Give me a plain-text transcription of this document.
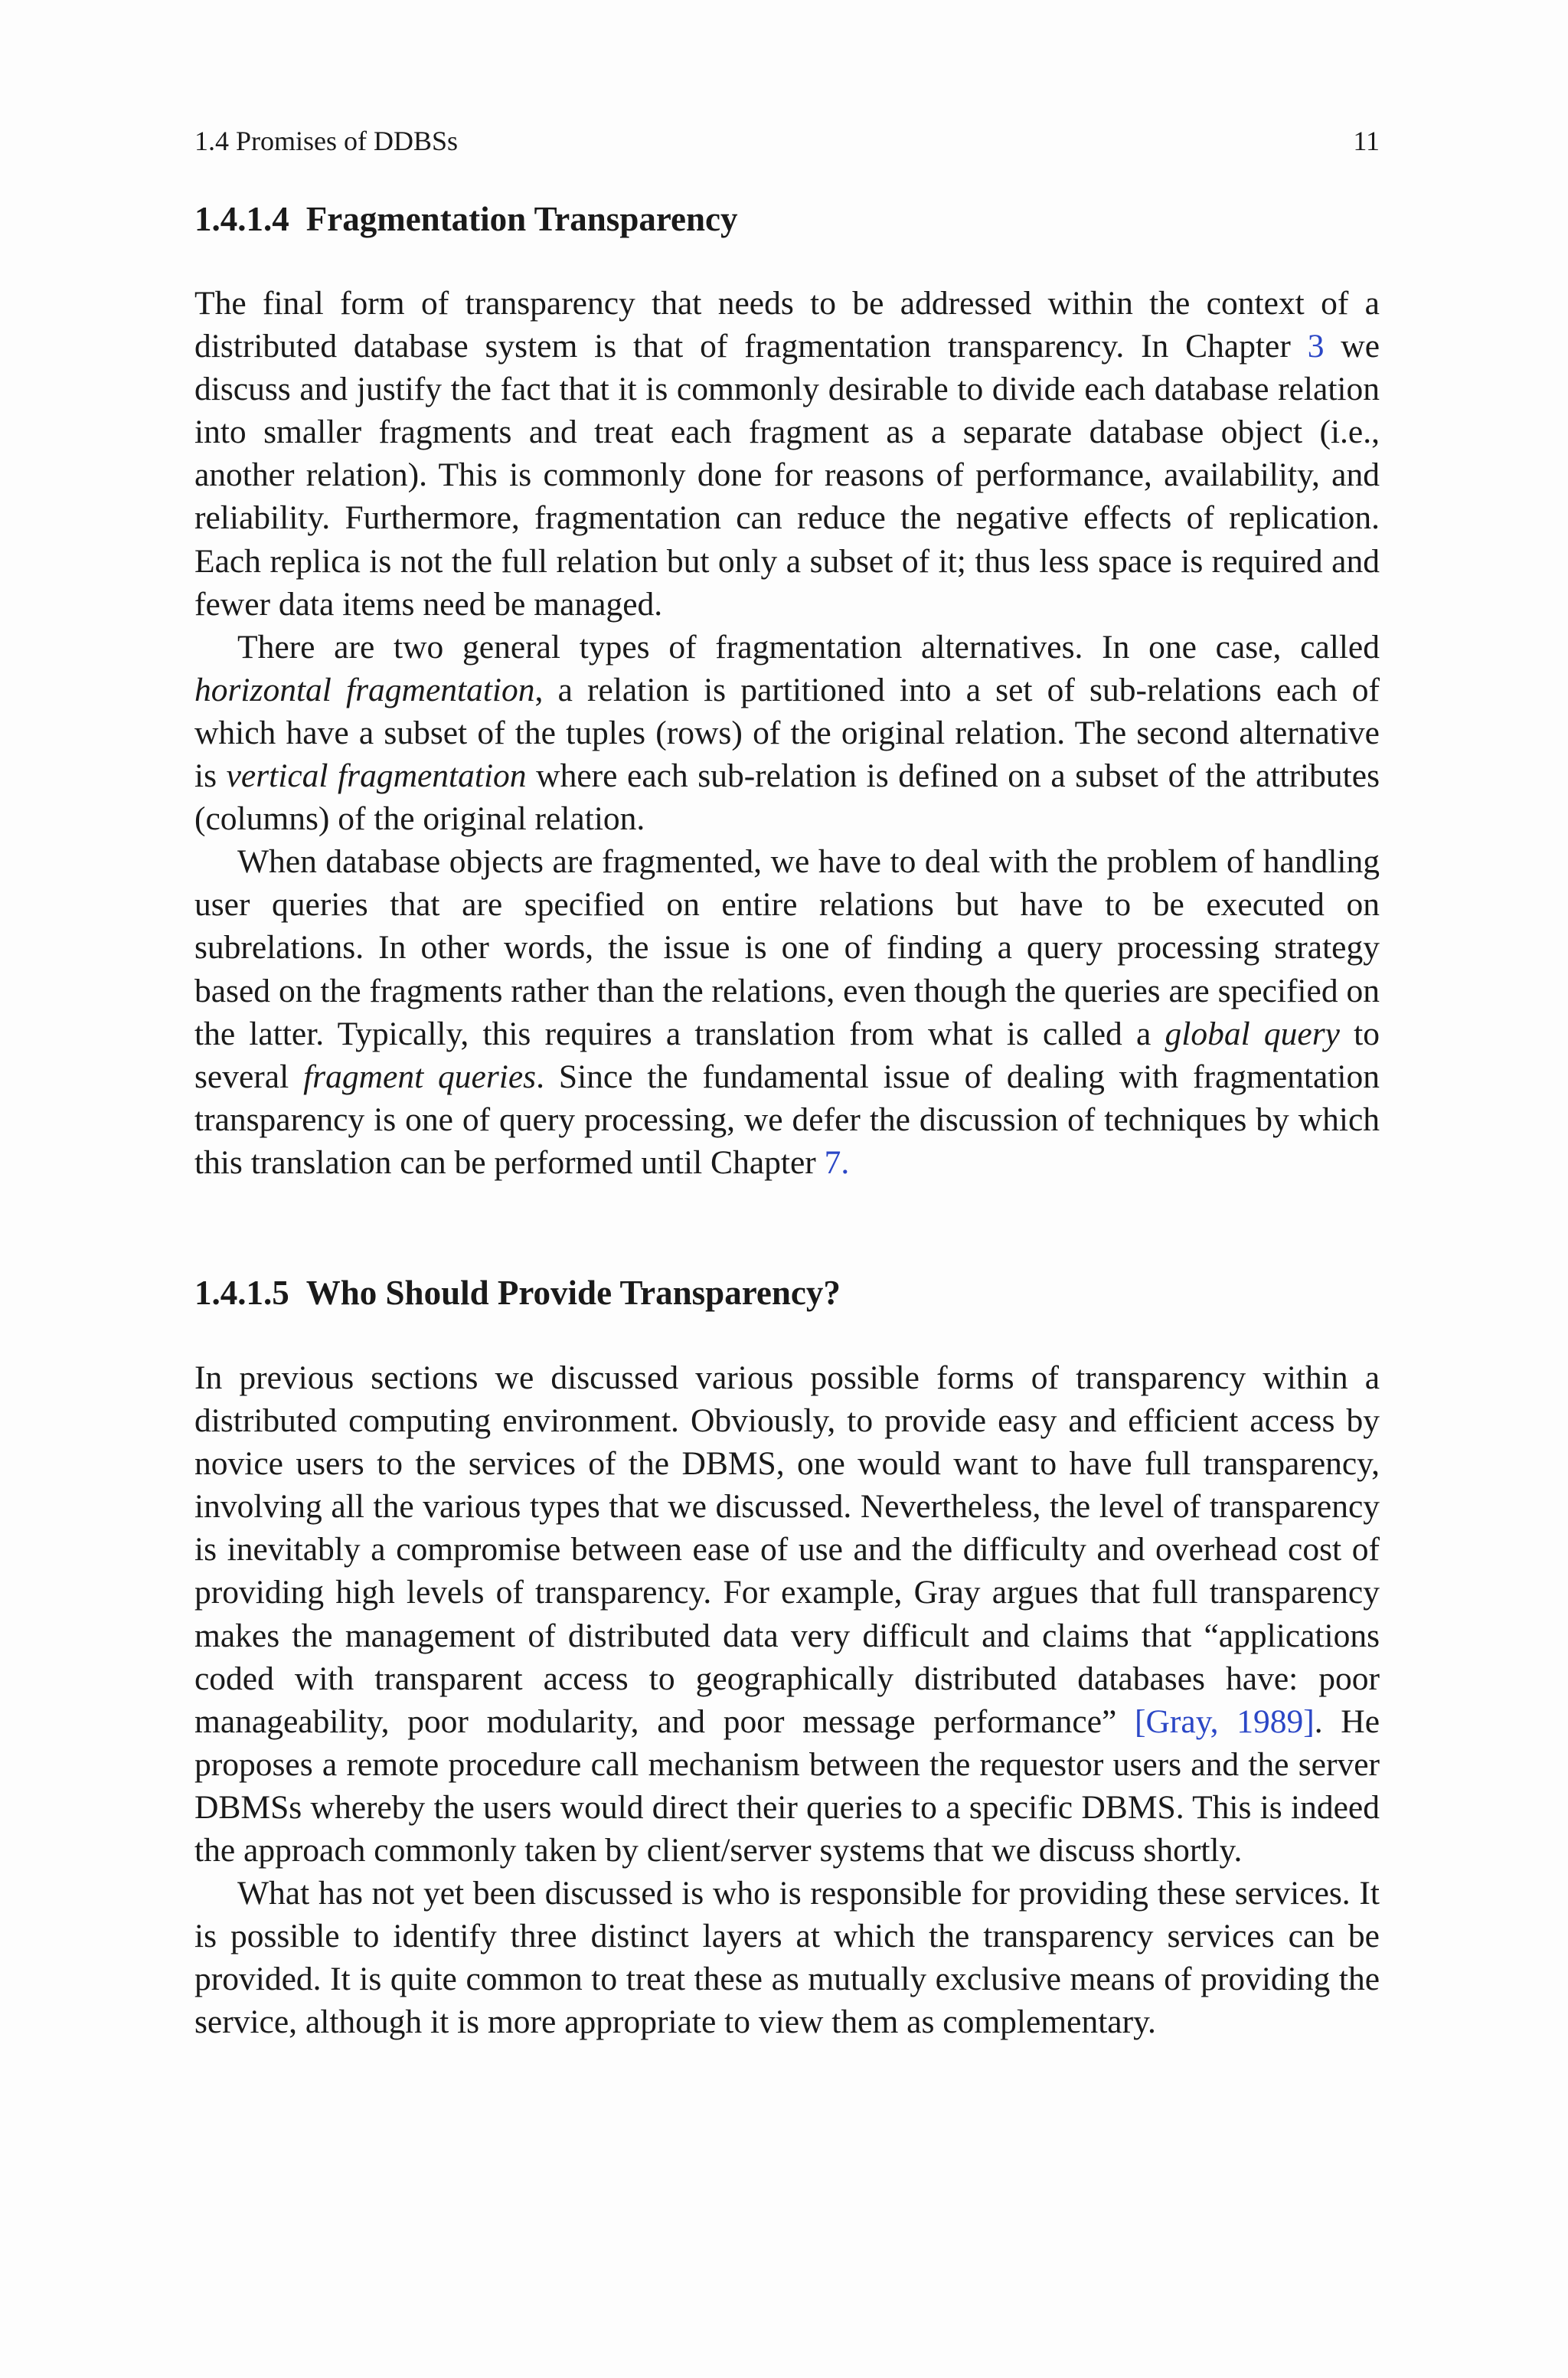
1.4 Promises of DDBSs	11
1.4.1.4 Fragmentation Transparency

The final form of transparency that needs to be addressed within the context of a distributed database system is that of fragmentation transparency. In Chapter 3 we discuss and justify the fact that it is commonly desirable to divide each database relation into smaller fragments and treat each fragment as a separate database object (i.e., another relation). This is commonly done for reasons of performance, availability, and reliability. Furthermore, fragmentation can reduce the negative effects of replication. Each replica is not the full relation but only a subset of it; thus less space is required and fewer data items need be managed.

There are two general types of fragmentation alternatives. In one case, called horizontal fragmentation, a relation is partitioned into a set of sub-relations each of which have a subset of the tuples (rows) of the original relation. The second alternative is vertical fragmentation where each sub-relation is defined on a subset of the attributes (columns) of the original relation.

When database objects are fragmented, we have to deal with the problem of handling user queries that are specified on entire relations but have to be executed on subrelations. In other words, the issue is one of finding a query processing strategy based on the fragments rather than the relations, even though the queries are specified on the latter. Typically, this requires a translation from what is called a global query to several fragment queries. Since the fundamental issue of dealing with fragmentation transparency is one of query processing, we defer the discussion of techniques by which this translation can be performed until Chapter 7.

1.4.1.5 Who Should Provide Transparency?

In previous sections we discussed various possible forms of transparency within a distributed computing environment. Obviously, to provide easy and efficient access by novice users to the services of the DBMS, one would want to have full transparency, involving all the various types that we discussed. Nevertheless, the level of transparency is inevitably a compromise between ease of use and the difficulty and overhead cost of providing high levels of transparency. For example, Gray argues that full transparency makes the management of distributed data very difficult and claims that “applications coded with transparent access to geographically distributed databases have: poor manageability, poor modularity, and poor message performance” [Gray, 1989]. He proposes a remote procedure call mechanism between the requestor users and the server DBMSs whereby the users would direct their queries to a specific DBMS. This is indeed the approach commonly taken by client/server systems that we discuss shortly.

What has not yet been discussed is who is responsible for providing these services. It is possible to identify three distinct layers at which the transparency services can be provided. It is quite common to treat these as mutually exclusive means of providing the service, although it is more appropriate to view them as complementary.
